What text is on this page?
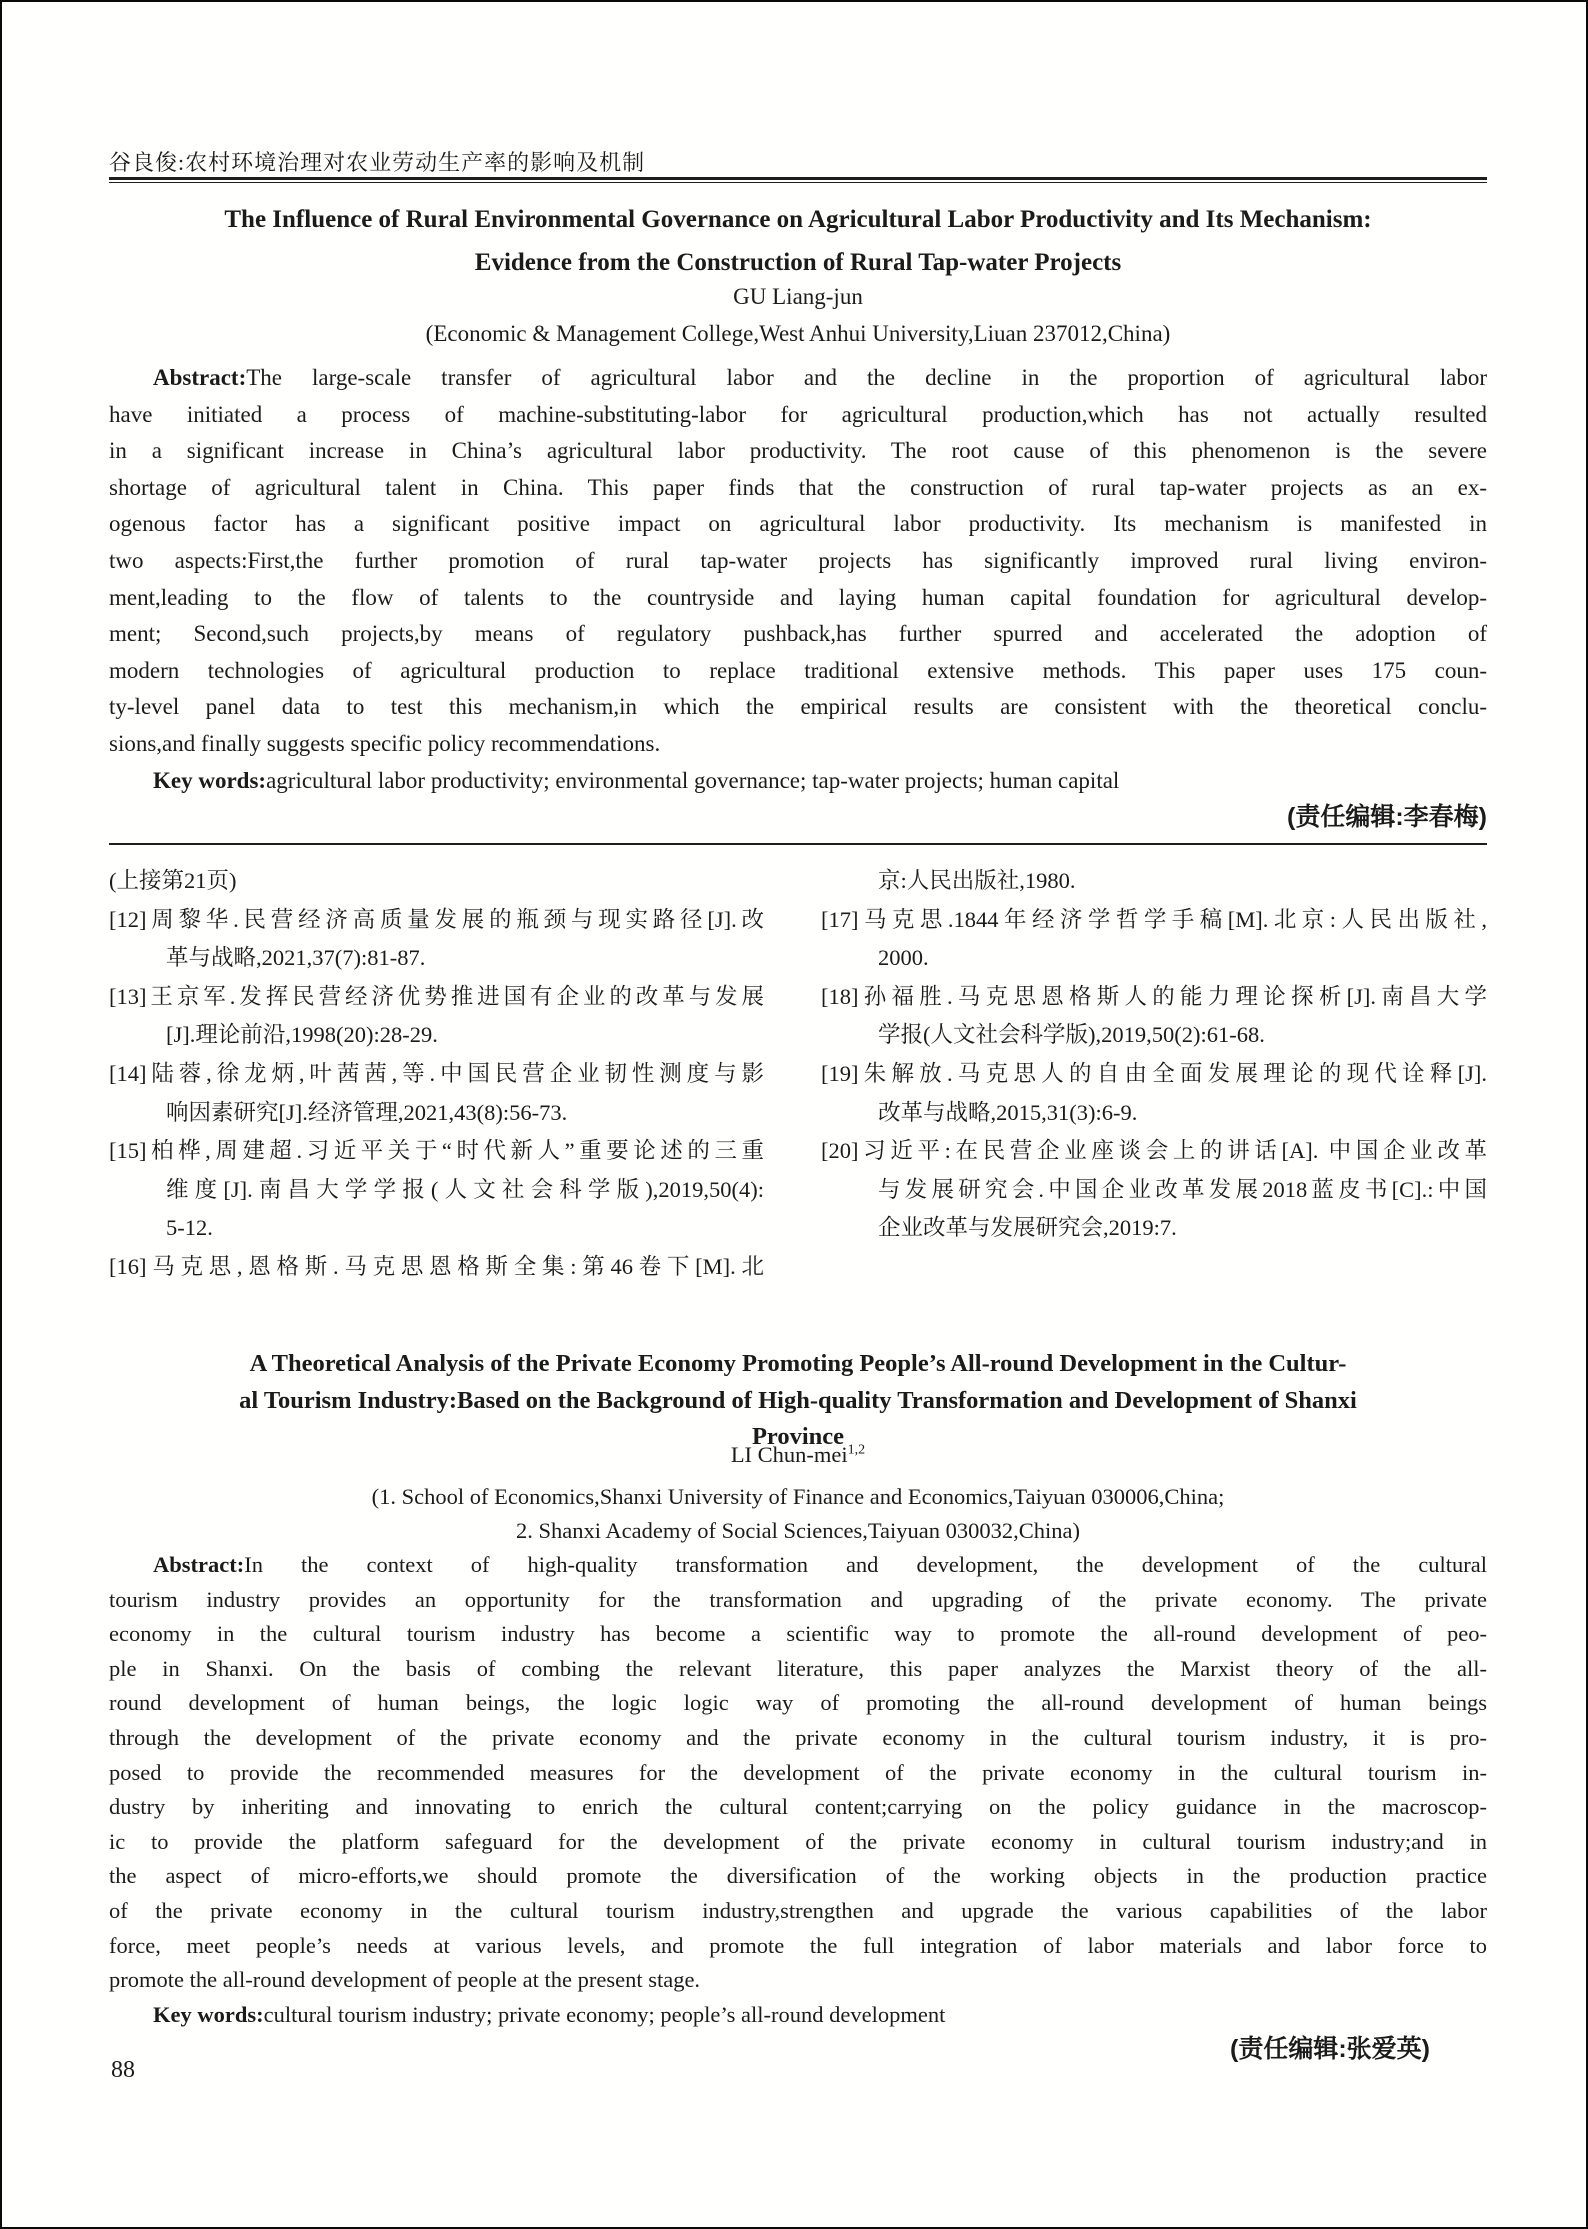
谷良俊:农村环境治理对农业劳动生产率的影响及机制
The Influence of Rural Environmental Governance on Agricultural Labor Productivity and Its Mechanism:
Evidence from the Construction of Rural Tap-water Projects
GU Liang-jun
(Economic & Management College,West Anhui University,Liuan 237012,China)
Abstract:The large-scale transfer of agricultural labor and the decline in the proportion of agricultural labor
have initiated a process of machine-substituting-labor for agricultural production,which has not actually resulted
in a significant increase in China’s agricultural labor productivity. The root cause of this phenomenon is the severe
shortage of agricultural talent in China. This paper finds that the construction of rural tap-water projects as an ex-
ogenous factor has a significant positive impact on agricultural labor productivity. Its mechanism is manifested in
two aspects:First,the further promotion of rural tap-water projects has significantly improved rural living environ-
ment,leading to the flow of talents to the countryside and laying human capital foundation for agricultural develop-
ment; Second,such projects,by means of regulatory pushback,has further spurred and accelerated the adoption of
modern technologies of agricultural production to replace traditional extensive methods. This paper uses 175 coun-
ty-level panel data to test this mechanism,in which the empirical results are consistent with the theoretical conclu-
sions,and finally suggests specific policy recommendations.
Key words:agricultural labor productivity; environmental governance; tap-water projects; human capital
(责任编辑:李春梅)
(上接第21页)
[12]周黎华.民营经济高质量发展的瓶颈与现实路径[J].改
革与战略,2021,37(7):81-87.
[13]王京军.发挥民营经济优势推进国有企业的改革与发展
[J].理论前沿,1998(20):28-29.
[14]陆蓉,徐龙炳,叶茜茜,等.中国民营企业韧性测度与影
响因素研究[J].经济管理,2021,43(8):56-73.
[15]柏桦,周建超.习近平关于“时代新人”重要论述的三重
维度[J].南昌大学学报(人文社会科学版),2019,50(4):
5-12.
[16]马克思,恩格斯.马克思恩格斯全集:第46卷下[M].北
京:人民出版社,1980.
[17]马克思.1844年经济学哲学手稿[M].北京:人民出版社,
2000.
[18]孙福胜.马克思恩格斯人的能力理论探析[J].南昌大学
学报(人文社会科学版),2019,50(2):61-68.
[19]朱解放.马克思人的自由全面发展理论的现代诠释[J].
改革与战略,2015,31(3):6-9.
[20]习近平:在民营企业座谈会上的讲话[A]. 中国企业改革
与发展研究会.中国企业改革发展2018蓝皮书[C].:中国
企业改革与发展研究会,2019:7.
A Theoretical Analysis of the Private Economy Promoting People’s All-round Development in the Cultur-
al Tourism Industry:Based on the Background of High-quality Transformation and Development of Shanxi
Province
LI Chun-mei$^{1,2}$
(1. School of Economics,Shanxi University of Finance and Economics,Taiyuan 030006,China;
2. Shanxi Academy of Social Sciences,Taiyuan 030032,China)
Abstract:In the context of high-quality transformation and development, the development of the cultural
tourism industry provides an opportunity for the transformation and upgrading of the private economy. The private
economy in the cultural tourism industry has become a scientific way to promote the all-round development of peo-
ple in Shanxi. On the basis of combing the relevant literature, this paper analyzes the Marxist theory of the all-
round development of human beings, the logic logic way of promoting the all-round development of human beings
through the development of the private economy and the private economy in the cultural tourism industry, it is pro-
posed to provide the recommended measures for the development of the private economy in the cultural tourism in-
dustry by inheriting and innovating to enrich the cultural content;carrying on the policy guidance in the macroscop-
ic to provide the platform safeguard for the development of the private economy in cultural tourism industry;and in
the aspect of micro-efforts,we should promote the diversification of the working objects in the production practice
of the private economy in the cultural tourism industry,strengthen and upgrade the various capabilities of the labor
force, meet people’s needs at various levels, and promote the full integration of labor materials and labor force to
promote the all-round development of people at the present stage.
Key words:cultural tourism industry; private economy; people’s all-round development
(责任编辑:张爱英)
88
